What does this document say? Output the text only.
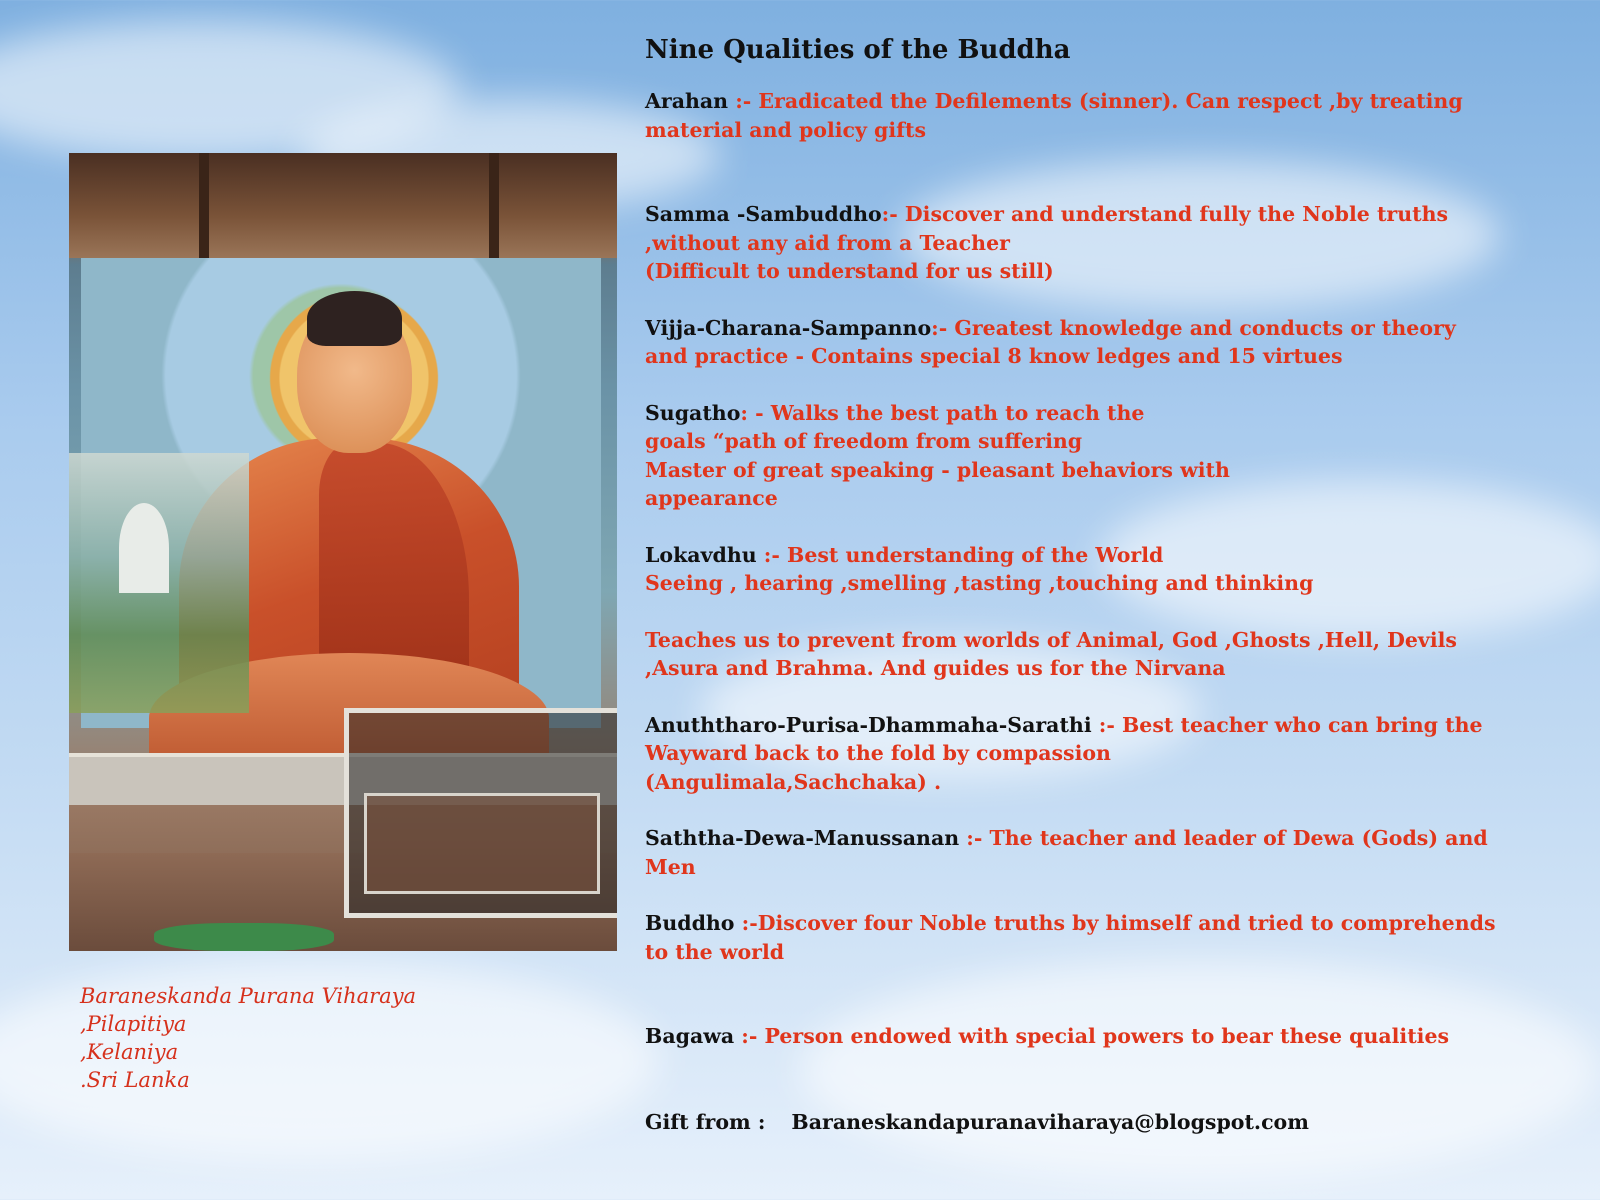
Baraneskanda Purana Viharaya
,Pilapitiya
,Kelaniya
.Sri Lanka
Nine Qualities of the Buddha
Arahan :- Eradicated the Defilements (sinner). Can respect ,by treating
material and policy gifts
Samma -Sambuddho:- Discover and understand fully the Noble truths
,without any aid from a Teacher
(Difficult to understand for us still)
Vijja-Charana-Sampanno:- Greatest knowledge and conducts or theory
and practice - Contains special 8 know ledges and 15 virtues
Sugatho: - Walks the best path to reach the
goals “path of freedom from suffering
Master of great speaking - pleasant behaviors with
appearance
Lokavdhu :- Best understanding of the World
Seeing , hearing ,smelling ,tasting ,touching and thinking
Teaches us to prevent from worlds of Animal, God ,Ghosts ,Hell, Devils
,Asura and Brahma. And guides us for the Nirvana
Anuththaro-Purisa-Dhammaha-Sarathi :- Best teacher who can bring the
Wayward back to the fold by compassion
(Angulimala,Sachchaka) .
Saththa-Dewa-Manussanan :- The teacher and leader of Dewa (Gods) and
Men
Buddho :-Discover four Noble truths by himself and tried to comprehends
to the world
Bagawa :- Person endowed with special powers to bear these qualities
Gift from : Baraneskandapuranaviharaya@blogspot.com
